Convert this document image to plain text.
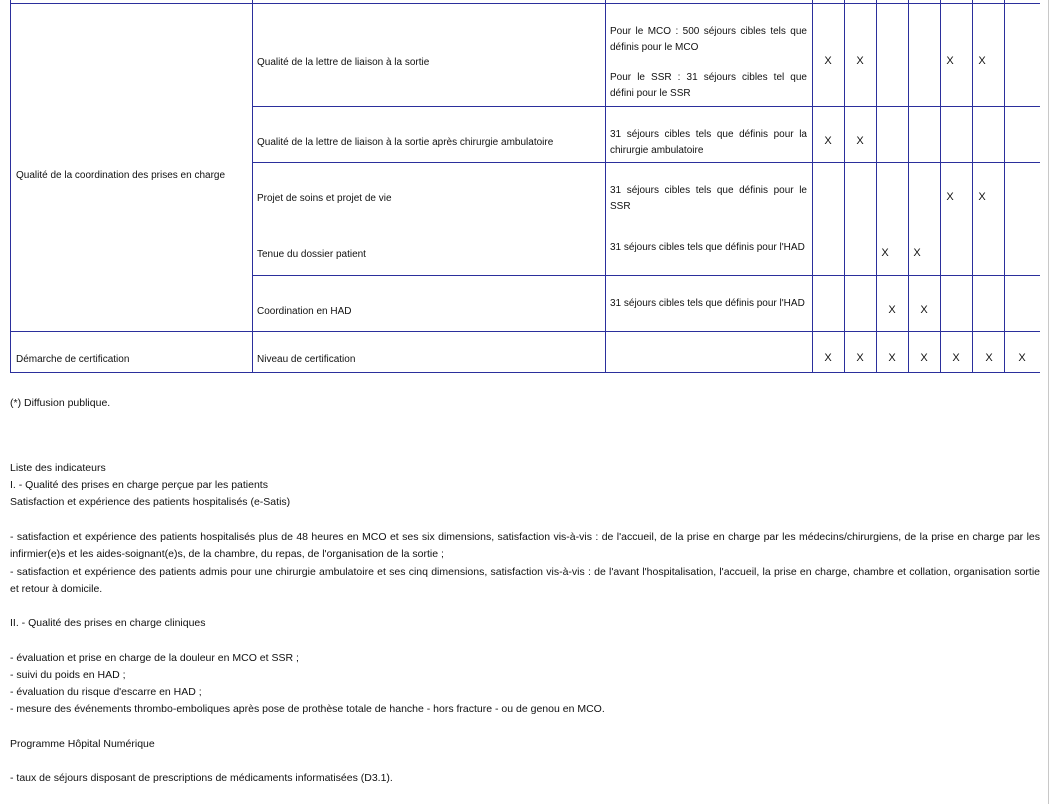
Qualité de la coordination des prises en charge
Démarche de certification
Qualité de la lettre de liaison à la sortie
Qualité de la lettre de liaison à la sortie après chirurgie ambulatoire
Projet de soins et projet de vie
Tenue du dossier patient
Coordination en HAD
Niveau de certification
Pour le MCO : 500 séjours cibles tels que définis pour le MCO
Pour le SSR : 31 séjours cibles tel que défini pour le SSR
31 séjours cibles tels que définis pour la chirurgie ambulatoire
31 séjours cibles tels que définis pour le SSR
31 séjours cibles tels que définis pour l'HAD
31 séjours cibles tels que définis pour l'HAD
X X	X X
X X
X X
X X
X X
X X X X X X X
(*) Diffusion publique.
Liste des indicateurs
I. - Qualité des prises en charge perçue par les patients
Satisfaction et expérience des patients hospitalisés (e-Satis)
- satisfaction et expérience des patients hospitalisés plus de 48 heures en MCO et ses six dimensions, satisfaction vis-à-vis : de l'accueil, de la prise en charge par les médecins/chirurgiens, de la prise en charge par les infirmier(e)s et les aides-soignant(e)s, de la chambre, du repas, de l'organisation de la sortie ;
- satisfaction et expérience des patients admis pour une chirurgie ambulatoire et ses cinq dimensions, satisfaction vis-à-vis : de l'avant l'hospitalisation, l'accueil, la prise en charge, chambre et collation, organisation sortie et retour à domicile.
II. - Qualité des prises en charge cliniques
- évaluation et prise en charge de la douleur en MCO et SSR ;
- suivi du poids en HAD ;
- évaluation du risque d'escarre en HAD ;
- mesure des événements thrombo-emboliques après pose de prothèse totale de hanche - hors fracture - ou de genou en MCO.
Programme Hôpital Numérique
- taux de séjours disposant de prescriptions de médicaments informatisées (D3.1).
